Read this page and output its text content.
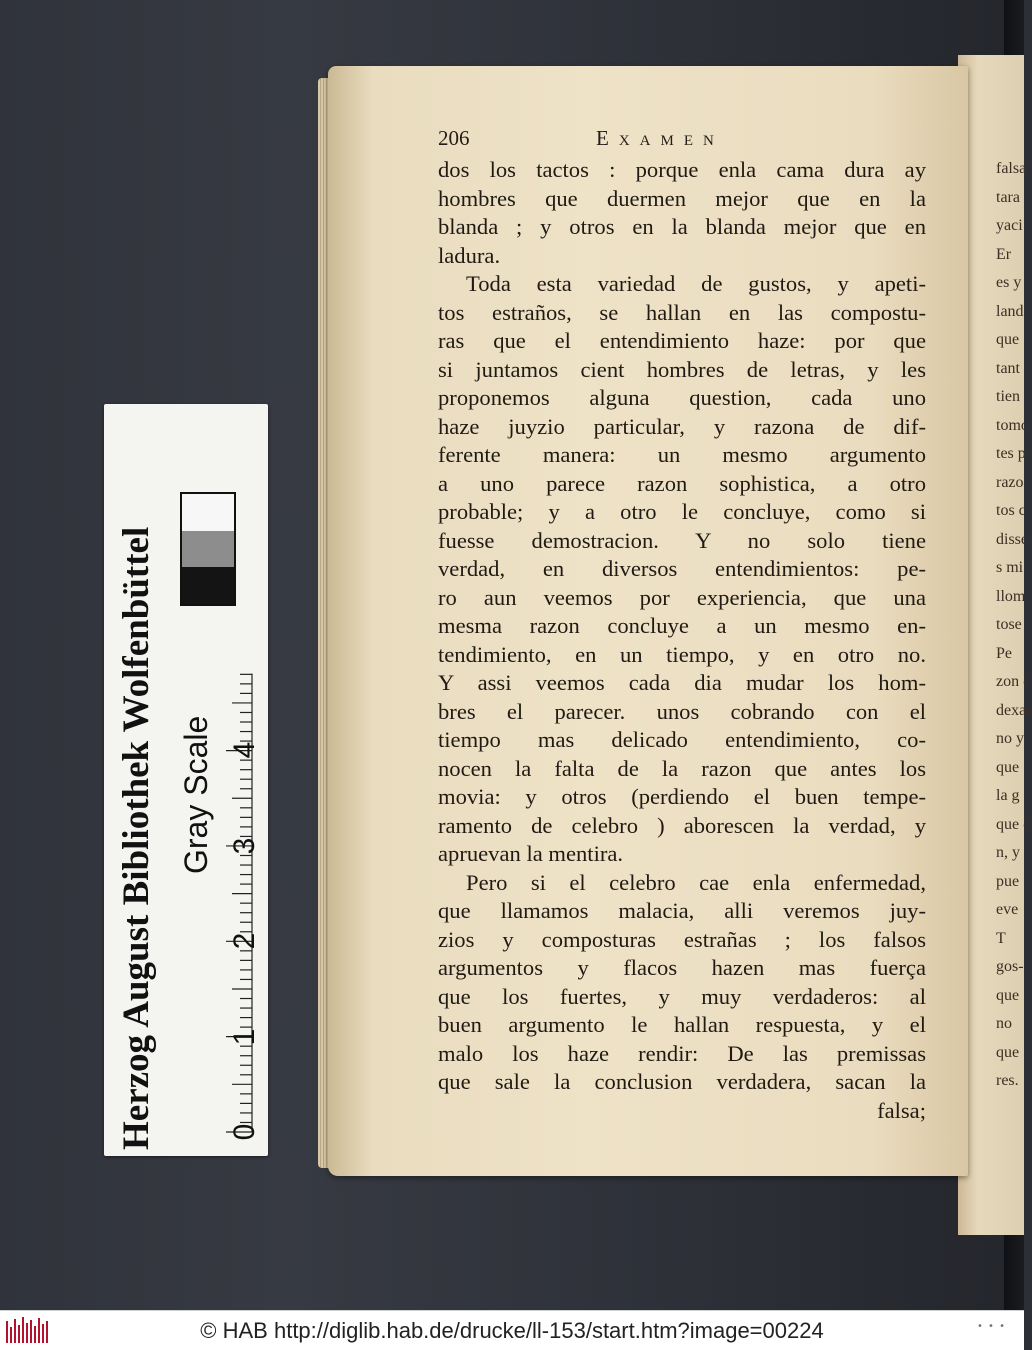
falsa
tara
yaci
Er
es y
land
que
tant
tien
tomo
tes p
razo
tos c
disse
s mi
llom
tose
Pe
zon c
dexar
no y
que
la g
que c
n, y
pue
eve
T
gos-
que
no
que
res.
206	Examen
dos los tactos : porque enla cama dura ay
hombres que duermen mejor que en la
blanda ; y otros en la blanda mejor que en
ladura.
Toda esta variedad de gustos, y apeti-
tos estraños, se hallan en las compostu-
ras que el entendimiento haze: por que
si juntamos cient hombres de letras, y les
proponemos alguna question, cada uno
haze juyzio particular, y razona de dif-
ferente manera: un mesmo argumento
a uno parece razon sophistica, a otro
probable; y a otro le concluye, como si
fuesse demostracion. Y no solo tiene
verdad, en diversos entendimientos: pe-
ro aun veemos por experiencia, que una
mesma razon concluye a un mesmo en-
tendimiento, en un tiempo, y en otro no.
Y assi veemos cada dia mudar los hom-
bres el parecer. unos cobrando con el
tiempo mas delicado entendimiento, co-
nocen la falta de la razon que antes los
movia: y otros (perdiendo el buen tempe-
ramento de celebro ) aborescen la verdad, y
apruevan la mentira.
Pero si el celebro cae enla enfermedad,
que llamamos malacia, alli veremos juy-
zios y composturas estrañas ; los falsos
argumentos y flacos hazen mas fuerça
que los fuertes, y muy verdaderos: al
buen argumento le hallan respuesta, y el
malo los haze rendir: De las premissas
que sale la conclusion verdadera, sacan la
falsa;
Herzog August Bibliothek Wolfenbüttel Gray Scale
0
1
2
3
4
© HAB http://diglib.hab.de/drucke/ll-153/start.htm?image=00224	• • •
